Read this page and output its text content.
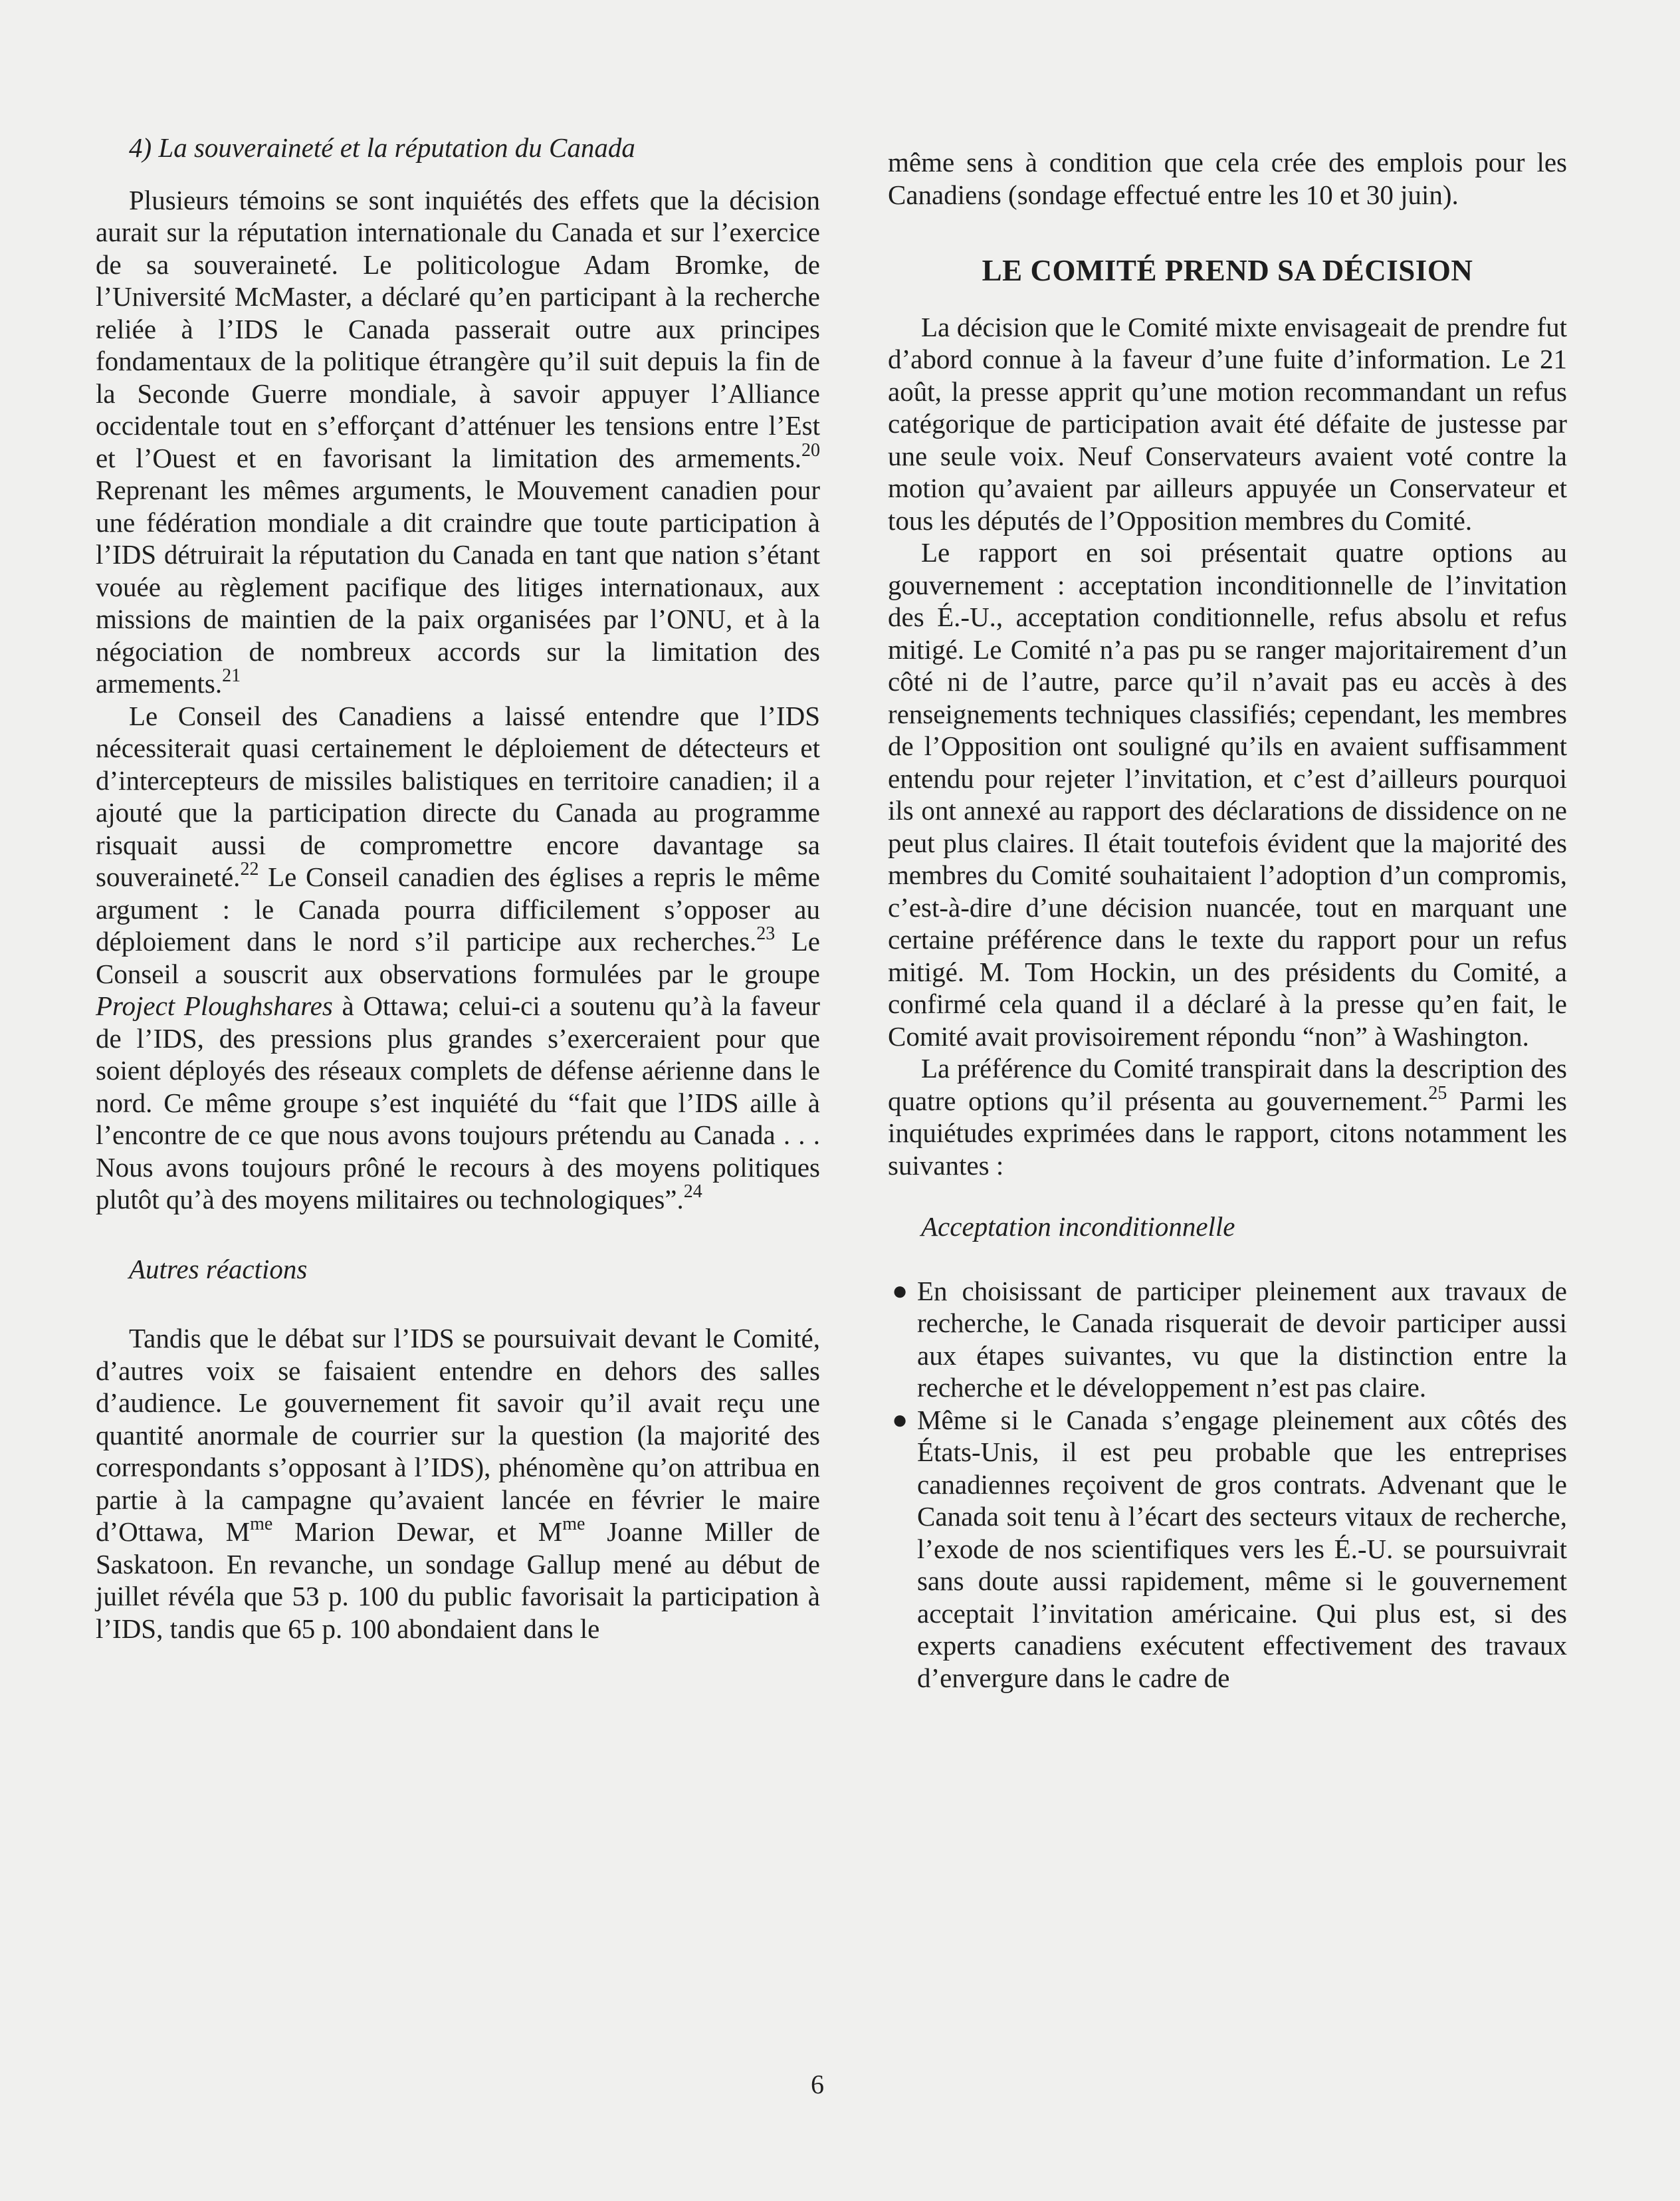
4) La souveraineté et la réputation du Canada

Plusieurs témoins se sont inquiétés des effets que la décision aurait sur la réputation internationale du Canada et sur l’exercice de sa souveraineté. Le politicologue Adam Bromke, de l’Université McMaster, a déclaré qu’en participant à la recherche reliée à l’IDS le Canada passerait outre aux principes fondamentaux de la politique étrangère qu’il suit depuis la fin de la Seconde Guerre mondiale, à savoir appuyer l’Alliance occidentale tout en s’efforçant d’atténuer les tensions entre l’Est et l’Ouest et en favorisant la limitation des armements.$^{20}$ Reprenant les mêmes arguments, le Mouvement canadien pour une fédération mondiale a dit craindre que toute participation à l’IDS détruirait la réputation du Canada en tant que nation s’étant vouée au règlement pacifique des litiges internationaux, aux missions de maintien de la paix organisées par l’ONU, et à la négociation de nombreux accords sur la limitation des armements.$^{21}$

Le Conseil des Canadiens a laissé entendre que l’IDS nécessiterait quasi certainement le déploiement de détecteurs et d’intercepteurs de missiles balistiques en territoire canadien; il a ajouté que la participation directe du Canada au programme risquait aussi de compromettre encore davantage sa souveraineté.$^{22}$ Le Conseil canadien des églises a repris le même argument : le Canada pourra difficilement s’opposer au déploiement dans le nord s’il participe aux recherches.$^{23}$ Le Conseil a souscrit aux observations formulées par le groupe Project Ploughshares à Ottawa; celui-ci a soutenu qu’à la faveur de l’IDS, des pressions plus grandes s’exerceraient pour que soient déployés des réseaux complets de défense aérienne dans le nord. Ce même groupe s’est inquiété du “fait que l’IDS aille à l’encontre de ce que nous avons toujours prétendu au Canada . . . Nous avons toujours prôné le recours à des moyens politiques plutôt qu’à des moyens militaires ou technologiques”.$^{24}$

Autres réactions

Tandis que le débat sur l’IDS se poursuivait devant le Comité, d’autres voix se faisaient entendre en dehors des salles d’audience. Le gouvernement fit savoir qu’il avait reçu une quantité anormale de courrier sur la question (la majorité des correspondants s’opposant à l’IDS), phénomène qu’on attribua en partie à la campagne qu’avaient lancée en février le maire d’Ottawa, $M^{me}$ Marion Dewar, et $M^{me}$ Joanne Miller de Saskatoon. En revanche, un sondage Gallup mené au début de juillet révéla que 53 p. 100 du public favorisait la participation à l’IDS, tandis que 65 p. 100 abondaient dans le

même sens à condition que cela crée des emplois pour les Canadiens (sondage effectué entre les 10 et 30 juin).

LE COMITÉ PREND SA DÉCISION

La décision que le Comité mixte envisageait de prendre fut d’abord connue à la faveur d’une fuite d’information. Le 21 août, la presse apprit qu’une motion recommandant un refus catégorique de participation avait été défaite de justesse par une seule voix. Neuf Conservateurs avaient voté contre la motion qu’avaient par ailleurs appuyée un Conservateur et tous les députés de l’Opposition membres du Comité.

Le rapport en soi présentait quatre options au gouvernement : acceptation inconditionnelle de l’invitation des É.-U., acceptation conditionnelle, refus absolu et refus mitigé. Le Comité n’a pas pu se ranger majoritairement d’un côté ni de l’autre, parce qu’il n’avait pas eu accès à des renseignements techniques classifiés; cependant, les membres de l’Opposition ont souligné qu’ils en avaient suffisamment entendu pour rejeter l’invitation, et c’est d’ailleurs pourquoi ils ont annexé au rapport des déclarations de dissidence on ne peut plus claires. Il était toutefois évident que la majorité des membres du Comité souhaitaient l’adoption d’un compromis, c’est-à-dire d’une décision nuancée, tout en marquant une certaine préférence dans le texte du rapport pour un refus mitigé. M. Tom Hockin, un des présidents du Comité, a confirmé cela quand il a déclaré à la presse qu’en fait, le Comité avait provisoirement répondu “non” à Washington.

La préférence du Comité transpirait dans la description des quatre options qu’il présenta au gouvernement.$^{25}$ Parmi les inquiétudes exprimées dans le rapport, citons notamment les suivantes :

Acceptation inconditionnelle

● En choisissant de participer pleinement aux travaux de recherche, le Canada risquerait de devoir participer aussi aux étapes suivantes, vu que la distinction entre la recherche et le développement n’est pas claire.
● Même si le Canada s’engage pleinement aux côtés des États-Unis, il est peu probable que les entreprises canadiennes reçoivent de gros contrats. Advenant que le Canada soit tenu à l’écart des secteurs vitaux de recherche, l’exode de nos scientifiques vers les É.-U. se poursuivrait sans doute aussi rapidement, même si le gouvernement acceptait l’invitation américaine. Qui plus est, si des experts canadiens exécutent effectivement des travaux d’envergure dans le cadre de
6
